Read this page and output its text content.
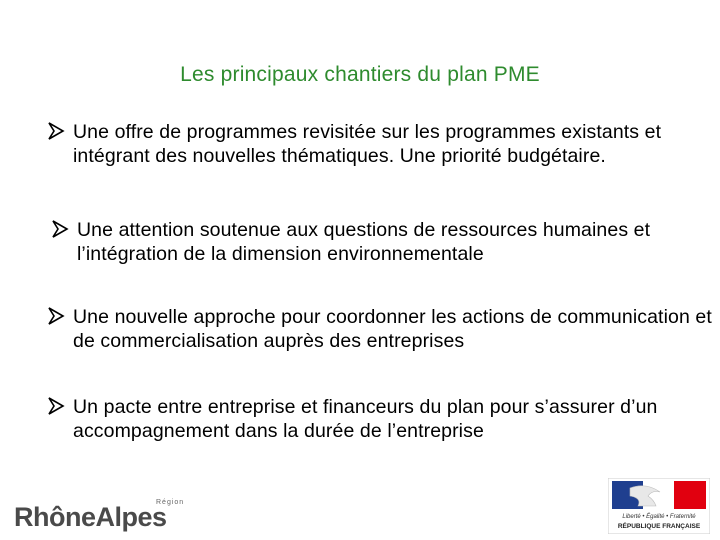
Les principaux chantiers du plan PME
Une offre de programmes revisitée sur les programmes existants et intégrant des nouvelles thématiques. Une priorité budgétaire.
Une attention soutenue aux questions de ressources humaines et l’intégration de la dimension environnementale
Une nouvelle approche pour coordonner les actions de communication et de commercialisation auprès des entreprises
Un pacte entre entreprise et financeurs du plan pour s’assurer d’un accompagnement dans la durée de l’entreprise
Région
RhôneAlpes	Liberté • Égalité • Fraternité
RÉPUBLIQUE FRANÇAISE
